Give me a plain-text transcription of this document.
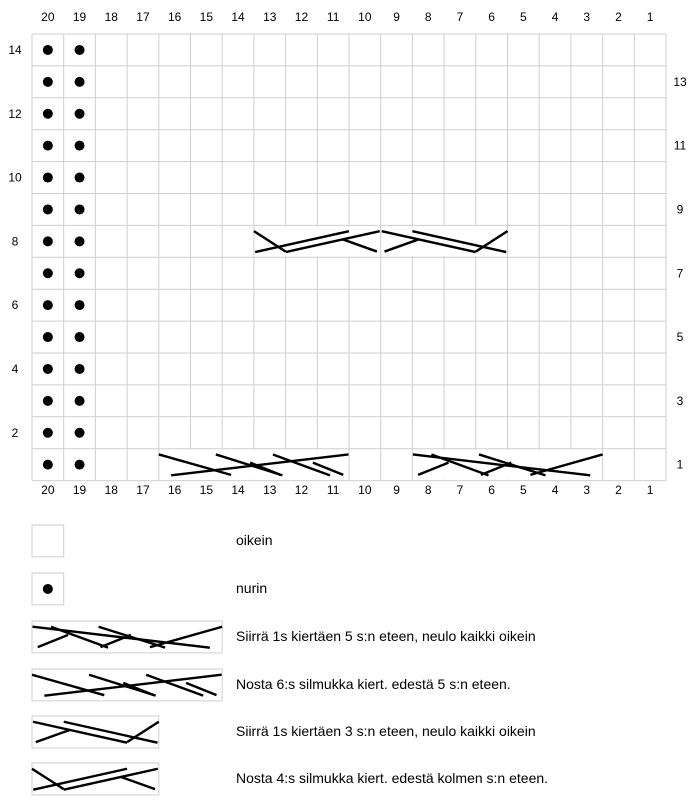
20
20
19
19
18
18
17
17
16
16
15
15
14
14
13
13
12
12
11
11
10
10
9
9
8
8
7
7
6
6
5
5
4
4
3
3
2
2
1
1
14
12
10
8
6
4
2
13
11
9
7
5
3
1
oikein
nurin
Siirrä 1s kiertäen 5 s:n eteen, neulo kaikki oikein
Nosta 6:s silmukka kiert. edestä 5 s:n eteen.
Siirrä 1s kiertäen 3 s:n eteen, neulo kaikki oikein
Nosta 4:s silmukka kiert. edestä kolmen s:n eteen.
